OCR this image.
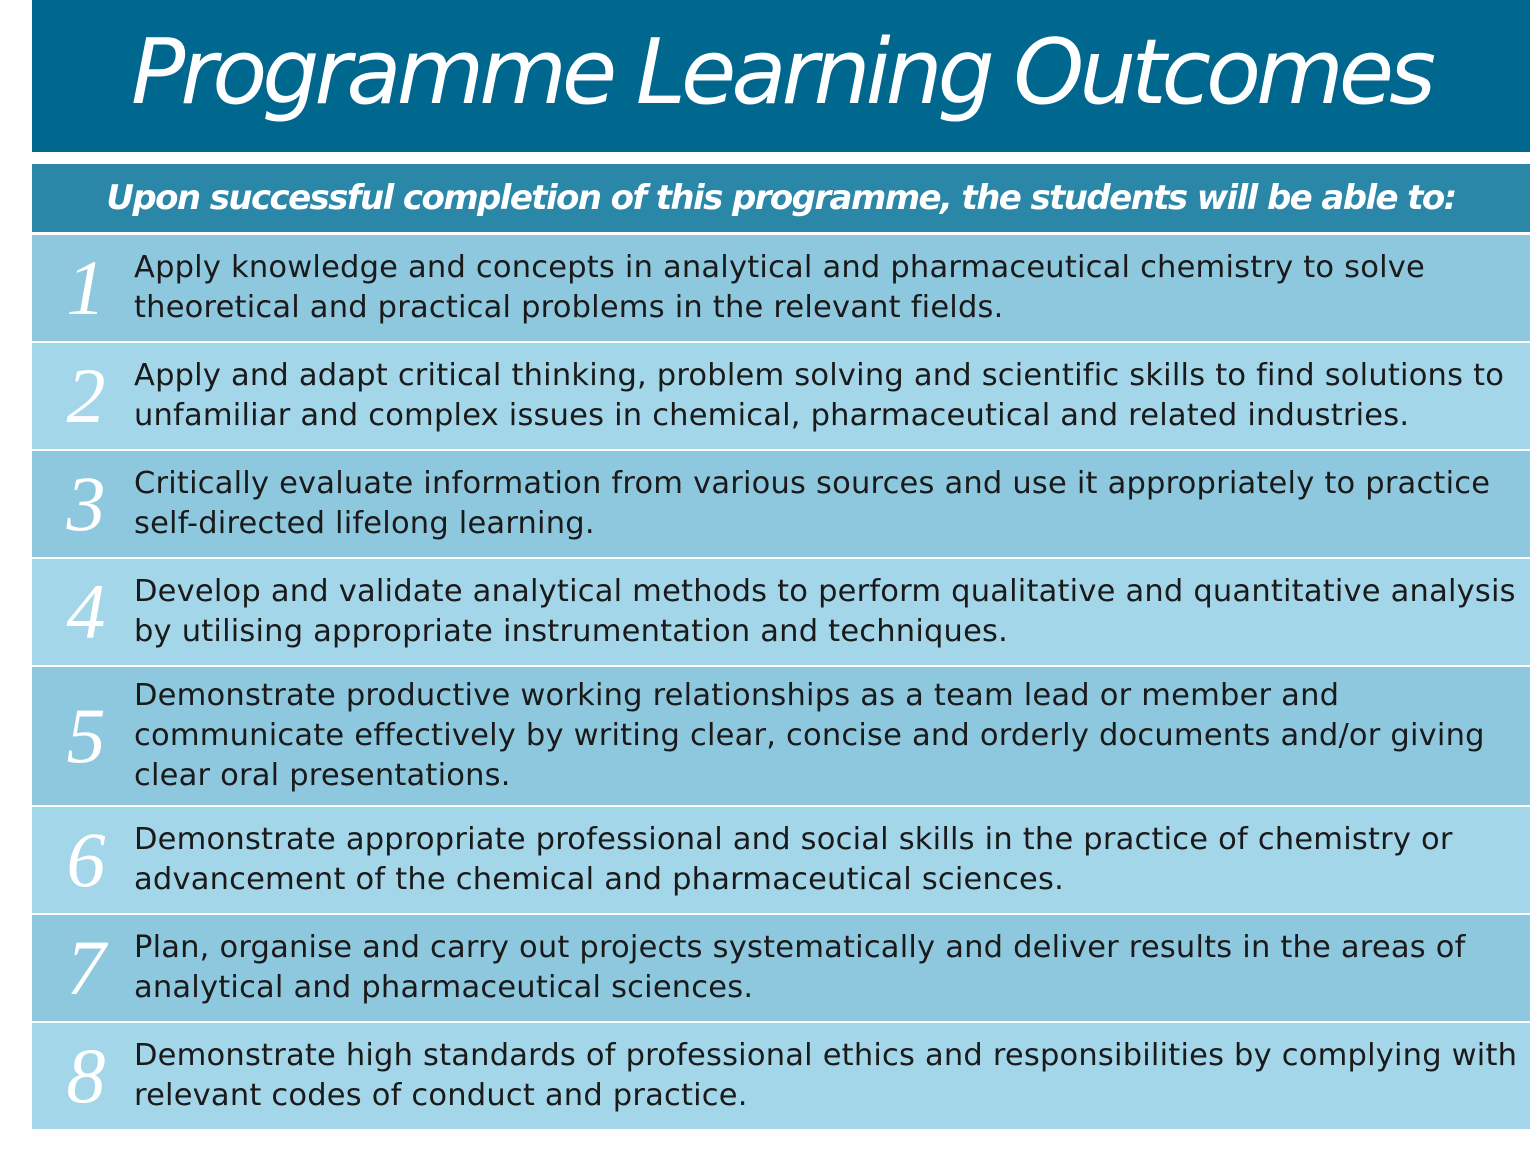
Programme Learning Outcomes
Upon successful completion of this programme, the students will be able to:
1 Apply knowledge and concepts in analytical and pharmaceutical chemistry to solve theoretical and practical problems in the relevant fields.
2 Apply and adapt critical thinking, problem solving and scientific skills to find solutions to unfamiliar and complex issues in chemical, pharmaceutical and related industries.
3 Critically evaluate information from various sources and use it appropriately to practice self-directed lifelong learning.
4 Develop and validate analytical methods to perform qualitative and quantitative analysis by utilising appropriate instrumentation and techniques.
5 Demonstrate productive working relationships as a team lead or member and communicate effectively by writing clear, concise and orderly documents and/or giving clear oral presentations.
6 Demonstrate appropriate professional and social skills in the practice of chemistry or advancement of the chemical and pharmaceutical sciences.
7 Plan, organise and carry out projects systematically and deliver results in the areas of analytical and pharmaceutical sciences.
8 Demonstrate high standards of professional ethics and responsibilities by complying with relevant codes of conduct and practice.
